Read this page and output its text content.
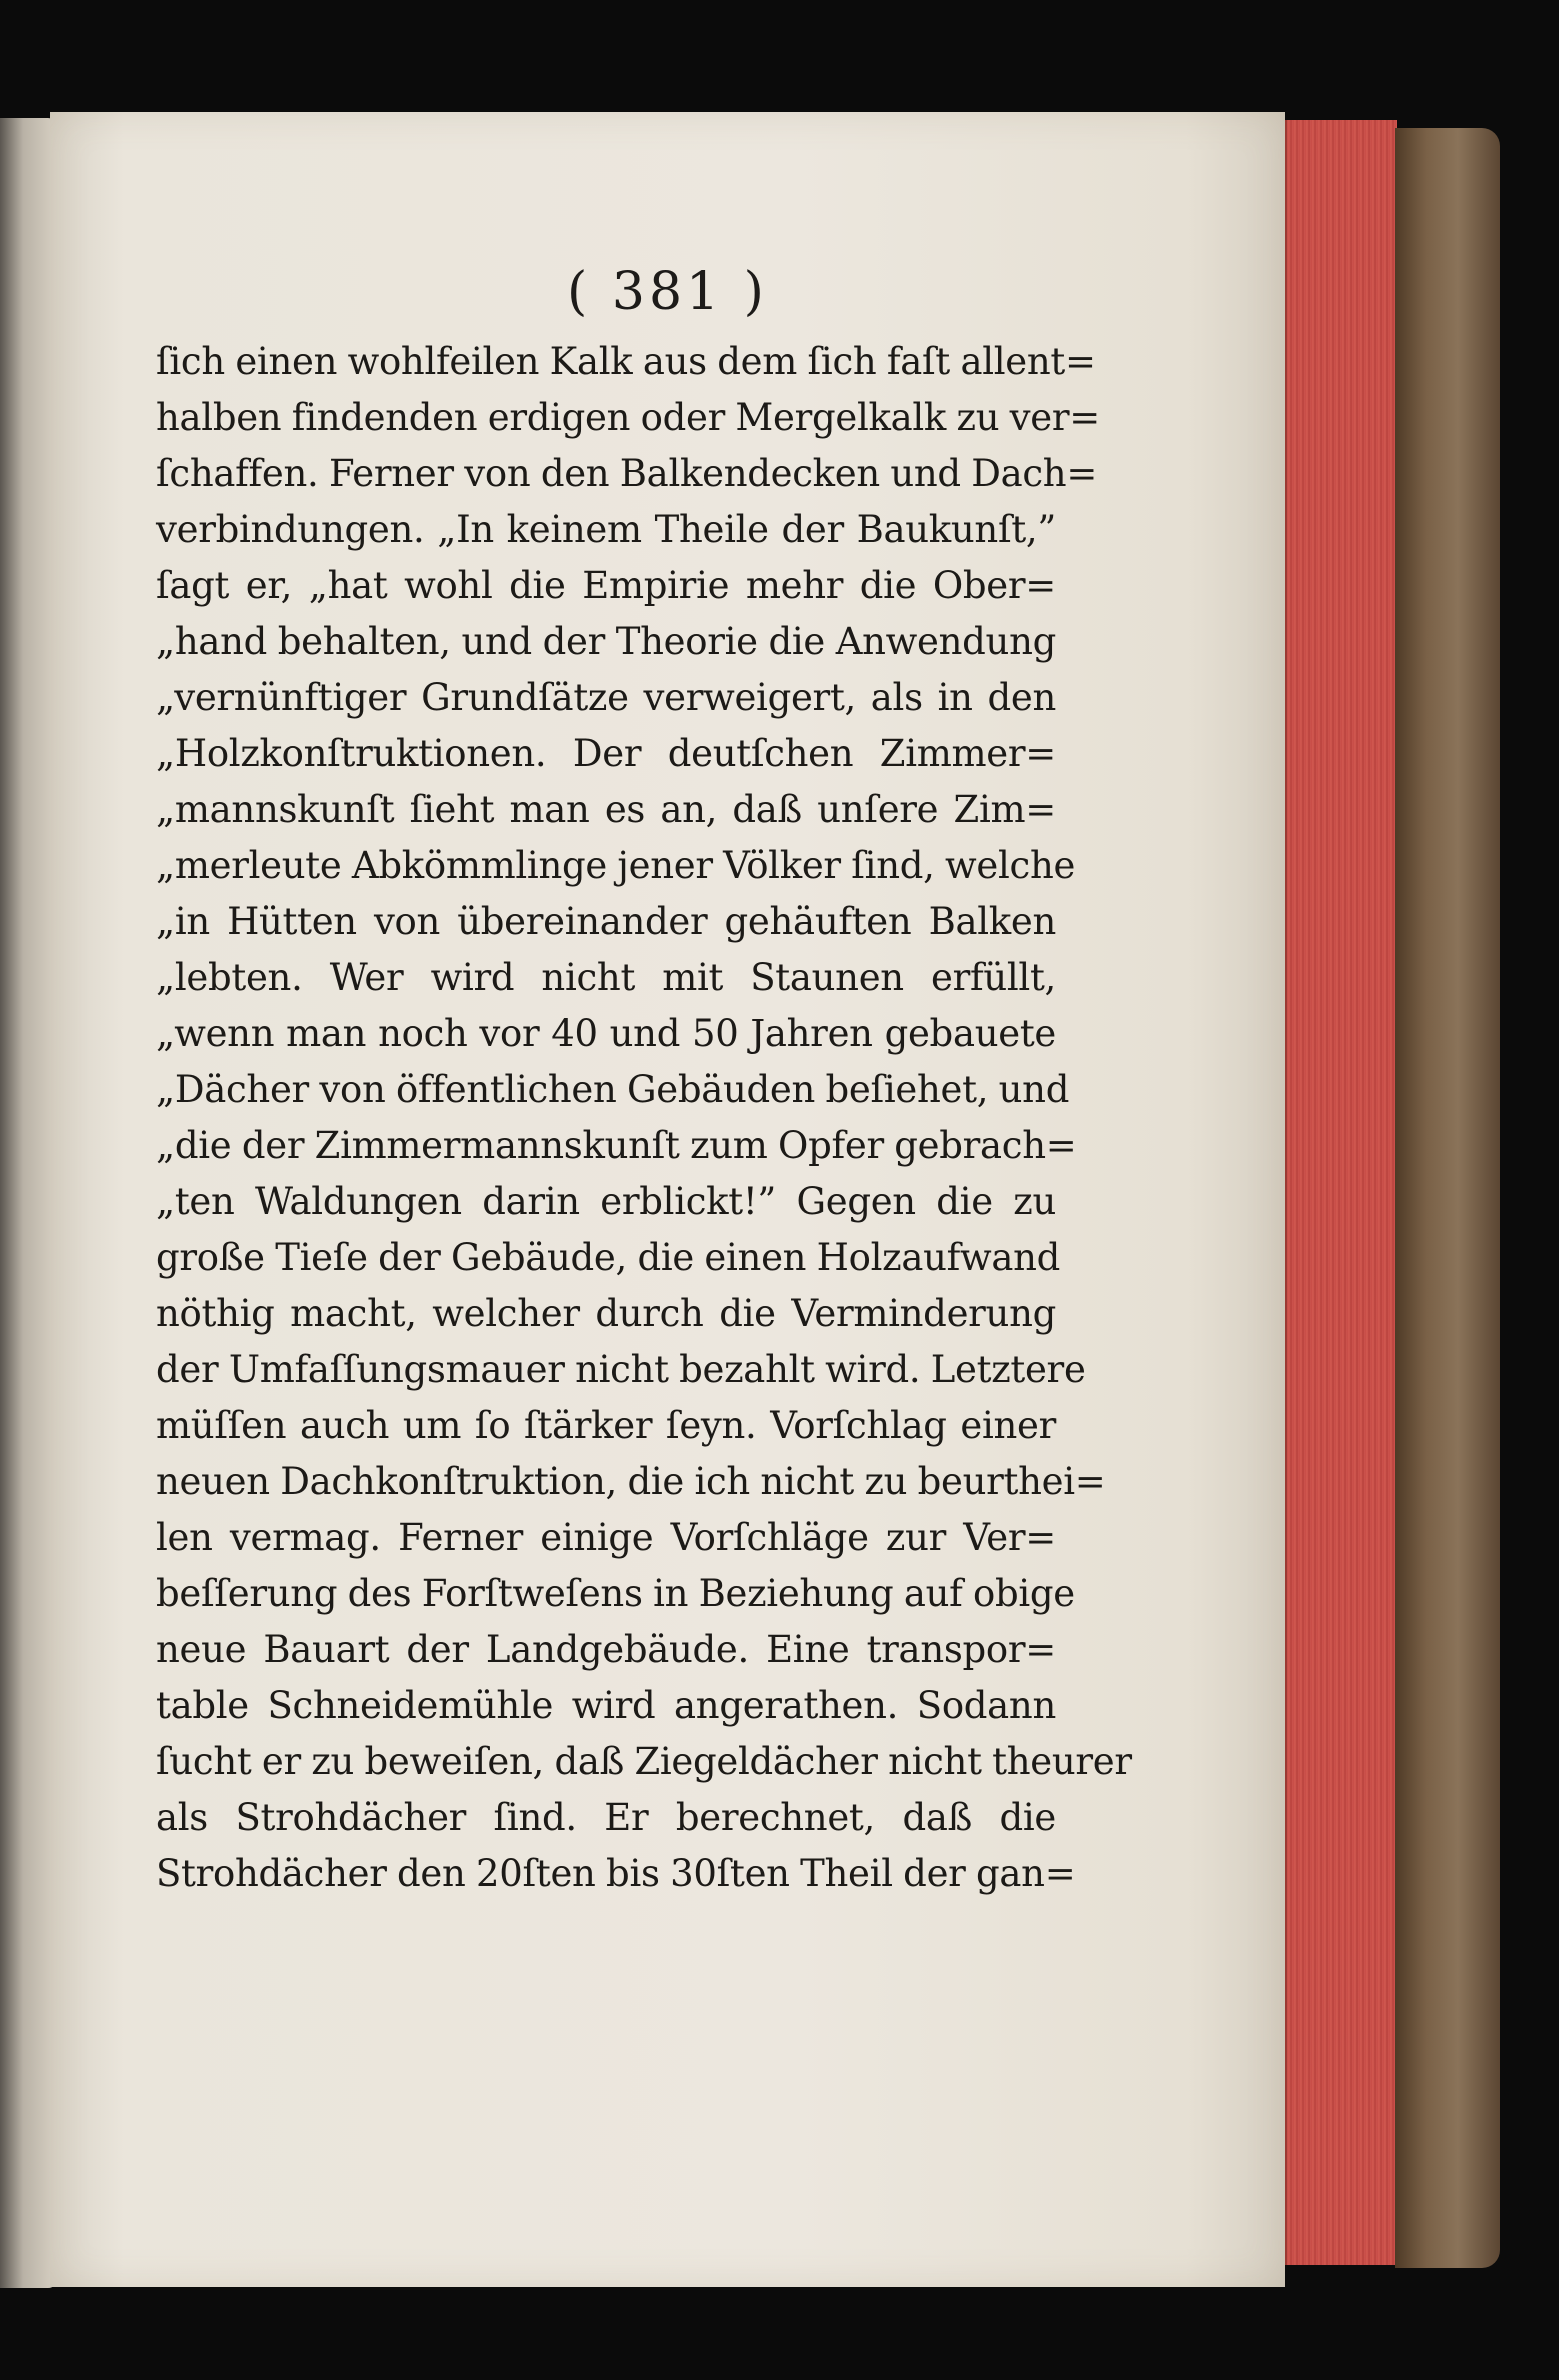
( 381 )
ſich einen wohlfeilen Kalk aus dem ſich faſt allent=
halben findenden erdigen oder Mergelkalk zu ver=
ſchaffen. Ferner von den Balkendecken und Dach=
verbindungen. „In keinem Theile der Baukunſt,”
ſagt er, „hat wohl die Empirie mehr die Ober=
„hand behalten, und der Theorie die Anwendung
„vernünftiger Grundſätze verweigert, als in den
„Holzkonſtruktionen. Der deutſchen Zimmer=
„mannskunſt ſieht man es an, daß unſere Zim=
„merleute Abkömmlinge jener Völker ſind, welche
„in Hütten von übereinander gehäuften Balken
„lebten. Wer wird nicht mit Staunen erfüllt,
„wenn man noch vor 40 und 50 Jahren gebauete
„Dächer von öffentlichen Gebäuden beſiehet, und
„die der Zimmermannskunſt zum Opfer gebrach=
„ten Waldungen darin erblickt!” Gegen die zu
große Tieſe der Gebäude, die einen Holzaufwand
nöthig macht, welcher durch die Verminderung
der Umfaſſungsmauer nicht bezahlt wird. Letztere
müſſen auch um ſo ſtärker ſeyn. Vorſchlag einer
neuen Dachkonſtruktion, die ich nicht zu beurthei=
len vermag. Ferner einige Vorſchläge zur Ver=
beſſerung des Forſtweſens in Beziehung auf obige
neue Bauart der Landgebäude. Eine transpor=
table Schneidemühle wird angerathen. Sodann
ſucht er zu beweiſen, daß Ziegeldächer nicht theurer
als Strohdächer ſind. Er berechnet, daß die
Strohdächer den 20ſten bis 30ſten Theil der gan=
